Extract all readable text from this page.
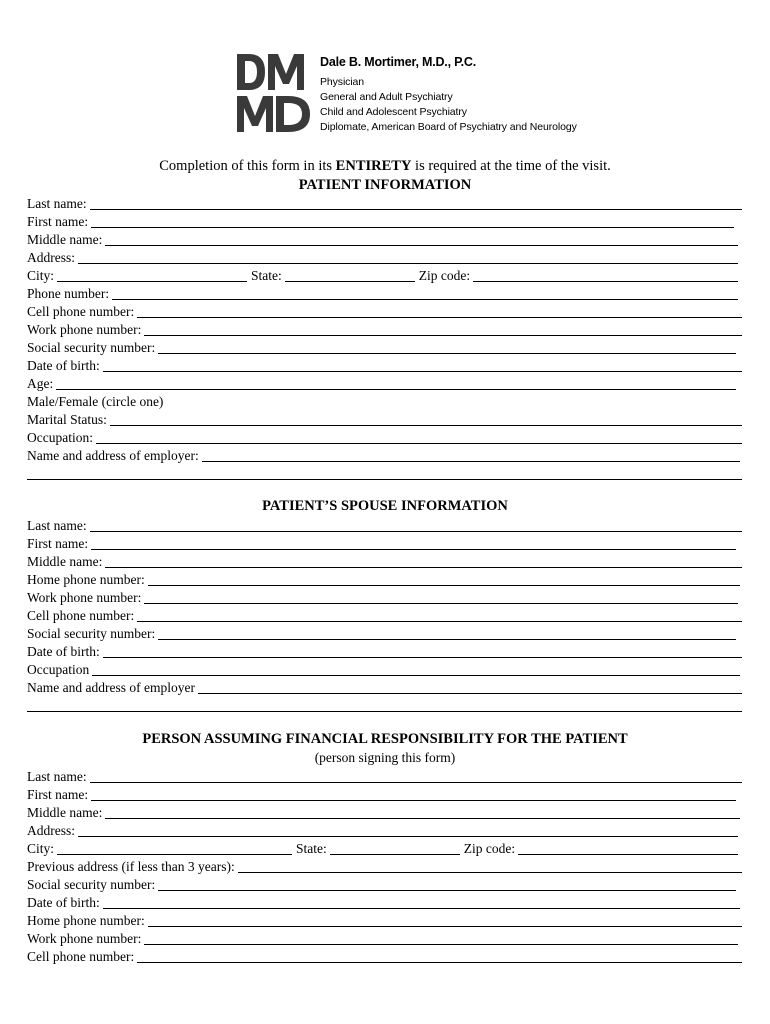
Dale B. Mortimer, M.D., P.C.
Physician
General and Adult Psychiatry
Child and Adolescent Psychiatry
Diplomate, American Board of Psychiatry and Neurology
Completion of this form in its ENTIRETY is required at the time of the visit.
PATIENT INFORMATION
Last name:
First name:
Middle name:
Address:
City:	State:	Zip code:
Phone number:
Cell phone number:
Work phone number:
Social security number:
Date of birth:
Age:
Male/Female (circle one)
Marital Status:
Occupation:
Name and address of employer:
PATIENT’S SPOUSE INFORMATION
Last name:
First name:
Middle name:
Home phone number:
Work phone number:
Cell phone number:
Social security number:
Date of birth:
Occupation
Name and address of employer
PERSON ASSUMING FINANCIAL RESPONSIBILITY FOR THE PATIENT
(person signing this form)
Last name:
First name:
Middle name:
Address:
City:	State:	Zip code:
Previous address (if less than 3 years):
Social security number:
Date of birth:
Home phone number:
Work phone number:
Cell phone number:
